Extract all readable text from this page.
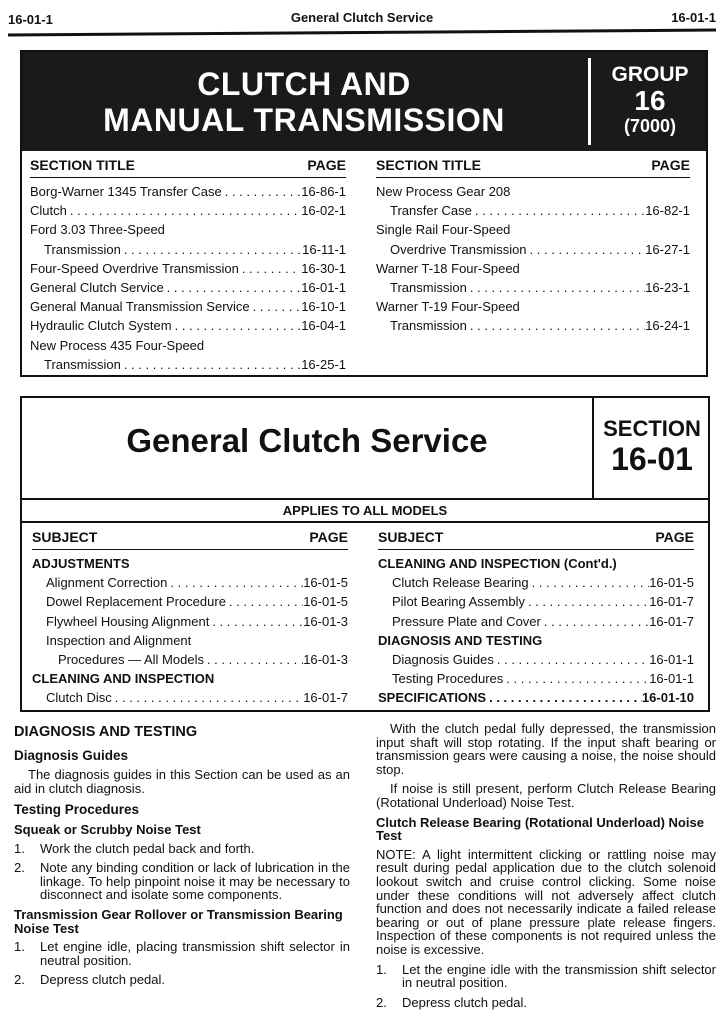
16-01-1	General Clutch Service	16-01-1
CLUTCH AND
MANUAL TRANSMISSION
GROUP
16
(7000)
SECTION TITLE	PAGE
Borg-Warner 1345 Transfer Case . . .	16-86-1
Clutch . . .	16-02-1
Ford 3.03 Three-Speed
Transmission . . .	16-11-1
Four-Speed Overdrive Transmission . . .	16-30-1
General Clutch Service . . .	16-01-1
General Manual Transmission Service . . .	16-10-1
Hydraulic Clutch System . . .	16-04-1
New Process 435 Four-Speed
Transmission . . .	16-25-1
SECTION TITLE	PAGE
New Process Gear 208
Transfer Case . . .	16-82-1
Single Rail Four-Speed
Overdrive Transmission . . .	16-27-1
Warner T-18 Four-Speed
Transmission . . .	16-23-1
Warner T-19 Four-Speed
Transmission . . .	16-24-1
General Clutch Service	SECTION
16-01
APPLIES TO ALL MODELS
SUBJECT	PAGE
ADJUSTMENTS
Alignment Correction . . .	16-01-5
Dowel Replacement Procedure . . .	16-01-5
Flywheel Housing Alignment . . .	16-01-3
Inspection and Alignment
Procedures — All Models . . .	16-01-3
CLEANING AND INSPECTION
Clutch Disc . . .	16-01-7
SUBJECT	PAGE
CLEANING AND INSPECTION (Cont'd.)
Clutch Release Bearing . . .	16-01-5
Pilot Bearing Assembly . . .	16-01-7
Pressure Plate and Cover . . .	16-01-7
DIAGNOSIS AND TESTING
Diagnosis Guides . . .	16-01-1
Testing Procedures . . .	16-01-1
SPECIFICATIONS . . .	16-01-10
DIAGNOSIS AND TESTING
Diagnosis Guides

The diagnosis guides in this Section can be used as an aid in clutch diagnosis.

Testing Procedures
Squeak or Scrubby Noise Test
1.	Work the clutch pedal back and forth.
2.	Note any binding condition or lack of lubrication in the linkage. To help pinpoint noise it may be necessary to disconnect and isolate some components.
Transmission Gear Rollover or Transmission Bearing Noise Test
1.	Let engine idle, placing transmission shift selector in neutral position.
2.	Depress clutch pedal.

With the clutch pedal fully depressed, the transmission input shaft will stop rotating. If the input shaft bearing or transmission gears were causing a noise, the noise should stop.

If noise is still present, perform Clutch Release Bearing (Rotational Underload) Noise Test.

Clutch Release Bearing (Rotational Underload) Noise Test

NOTE: A light intermittent clicking or rattling noise may result during pedal application due to the clutch solenoid lookout switch and cruise control clicking. Some noise under these conditions will not adversely affect clutch function and does not necessarily indicate a failed release bearing or out of plane pressure plate release fingers. Inspection of these components is not required unless the noise is excessive.

1.	Let the engine idle with the transmission shift selector in neutral position.
2.	Depress clutch pedal.
